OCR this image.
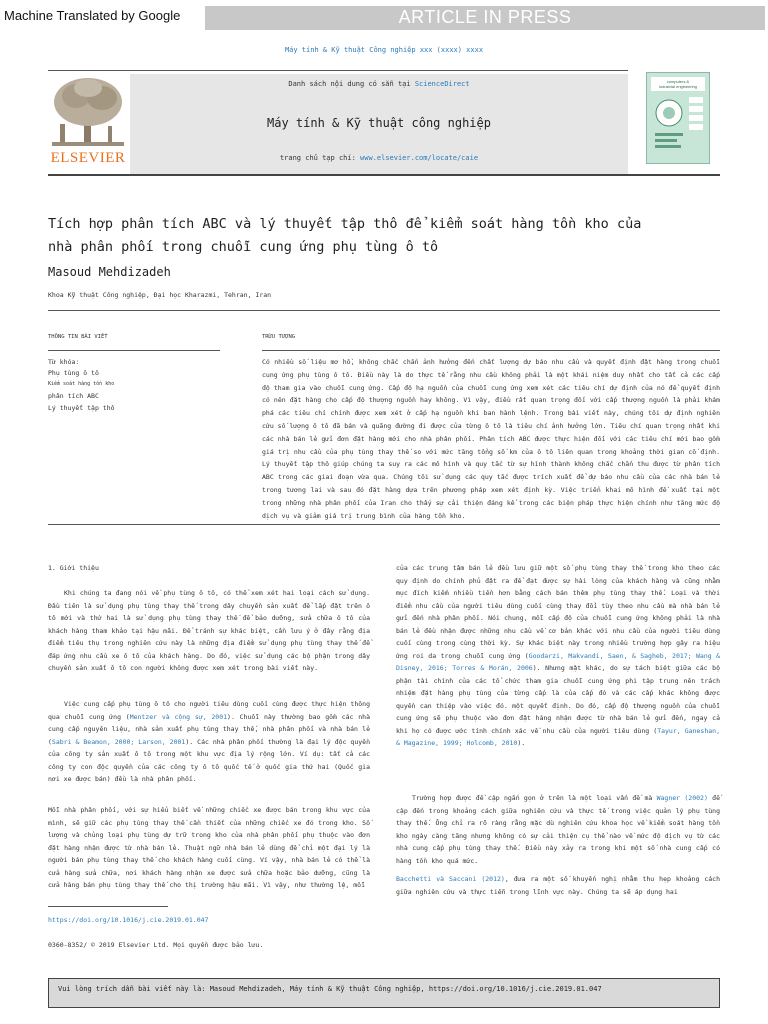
Machine Translated by Google	ARTICLE IN PRESS
Máy tính & Kỹ thuật Công nghiệp xxx (xxxx) xxxx
ELSEVIER
Danh sách nội dung có sẵn tại ScienceDirect
Máy tính & Kỹ thuật công nghiệp
trang chủ tạp chí: www.elsevier.com/locate/caie
computers &
industrial engineering
Tích hợp phân tích ABC và lý thuyết tập thô để kiểm soát hàng tồn kho của
nhà phân phối trong chuỗi cung ứng phụ tùng ô tô
Masoud Mehdizadeh
Khoa Kỹ thuật Công nghiệp, Đại học Kharazmi, Tehran, Iran
THÔNG TIN BÀI VIẾT
Từ khóa:
Phụ tùng ô tô
Kiểm soát hàng tồn kho
phân tích ABC
Lý thuyết tập thô
TRỪU TƯỢNG
Có nhiều số liệu mơ hồ, không chắc chắn ảnh hưởng đến chất lượng dự báo nhu cầu và quyết định đặt hàng trong chuỗi cung ứng phụ tùng ô tô. Điều này là do thực tế rằng nhu cầu không phải là một khái niệm duy nhất cho tất cả các cấp độ tham gia vào chuỗi cung ứng. Cấp độ hạ nguồn của chuỗi cung ứng xem xét các tiêu chí dự định của nó để quyết định có nên đặt hàng cho cấp độ thượng nguồn hay không. Vì vậy, điều rất quan trọng đối với cấp thượng nguồn là phải khám phá các tiêu chí chính được xem xét ở cấp hạ nguồn khi ban hành lệnh. Trong bài viết này, chúng tôi dự định nghiên cứu số lượng ô tô đã bán và quãng đường đi được của từng ô tô là tiêu chí ảnh hưởng lớn. Tiêu chí quan trọng nhất khi các nhà bán lẻ gửi đơn đặt hàng mới cho nhà phân phối. Phân tích ABC được thực hiện đối với các tiêu chí mới bao gồm giá trị nhu cầu của phụ tùng thay thế so với mức tăng tổng số km của ô tô liên quan trong khoảng thời gian cố định. Lý thuyết tập thô giúp chúng ta suy ra các mô hình và quy tắc từ sự hình thành không chắc chắn thu được từ phân tích ABC trong các giai đoạn vừa qua. Chúng tôi sử dụng các quy tắc được trích xuất để dự báo nhu cầu của các nhà bán lẻ trong tương lai và sau đó đặt hàng dựa trên phương pháp xem xét định kỳ. Việc triển khai mô hình đề xuất tại một trong những nhà phân phối của Iran cho thấy sự cải thiện đáng kể trong các biện pháp thực hiện chính như tăng mức độ dịch vụ và giảm giá trị trung bình của hàng tồn kho.
1. Giới thiệu
Khi chúng ta đang nói về phụ tùng ô tô, có thể xem xét hai loại cách sử dụng. Đầu tiên là sử dụng phụ tùng thay thế trong dây chuyền sản xuất để lắp đặt trên ô tô mới và thứ hai là sử dụng phụ tùng thay thế để bảo dưỡng, sửa chữa ô tô của khách hàng tham khảo tại hậu mãi. Để tránh sự khác biệt, cần lưu ý ở đây rằng địa điểm tiêu thụ trong nghiên cứu này là những địa điểm sử dụng phụ tùng thay thế để đáp ứng nhu cầu xe ô tô của khách hàng. Do đó, việc sử dụng các bộ phận trong dây chuyền sản xuất ô tô con người không được xem xét trong bài viết này.
Việc cung cấp phụ tùng ô tô cho người tiêu dùng cuối cùng được thực hiện thông qua chuỗi cung ứng (Mentzer và cộng sự, 2001). Chuỗi này thường bao gồm các nhà cung cấp nguyên liệu, nhà sản xuất phụ tùng thay thế, nhà phân phối và nhà bán lẻ (Sabri & Beamon, 2000; Larson, 2001). Các nhà phân phối thường là đại lý độc quyền của công ty sản xuất ô tô trong một khu vực địa lý rộng lớn. Ví dụ: tất cả các công ty con độc quyền của các công ty ô tô quốc tế ở quốc gia thứ hai (Quốc gia nơi xe được bán) đều là nhà phân phối.
Mỗi nhà phân phối, với sự hiểu biết về những chiếc xe được bán trong khu vực của mình, sẽ giữ các phụ tùng thay thế cần thiết của những chiếc xe đó trong kho. Số lượng và chủng loại phụ tùng dự trữ trong kho của nhà phân phối phụ thuộc vào đơn đặt hàng nhận được từ nhà bán lẻ. Thuật ngữ nhà bán lẻ dùng để chỉ một đại lý là người bán phụ tùng thay thế cho khách hàng cuối cùng. Ví vậy, nhà bán lẻ có thể là cửa hàng sửa chữa, nơi khách hàng nhận xe được sửa chữa hoặc bảo dưỡng, cũng là cửa hàng bán phụ tùng thay thế cho thị trường hậu mãi. Vì vậy, như thường lệ, mỗi
của các trung tâm bán lẻ đều lưu giữ một số phụ tùng thay thế trong kho theo các quy định do chính phủ đặt ra để đạt được sự hài lòng của khách hàng và cũng nhằm mục đích kiếm nhiều tiền hơn bằng cách bán thêm phụ tùng thay thế. Loại và thời điểm nhu cầu của người tiêu dùng cuối cùng thay đổi tùy theo nhu cầu mà nhà bán lẻ gửi đến nhà phân phối. Nói chung, mỗi cấp độ của chuỗi cung ứng không phải là nhà bán lẻ đều nhận được những nhu cầu về cơ bản khác với nhu cầu của người tiêu dùng cuối cùng trong cùng thời kỳ. Sự khác biệt này trong nhiều trường hợp gây ra hiệu ứng roi da trong chuỗi cung ứng (Goodarzi, Makvandi, Saen, & Sagheb, 2017; Wang & Disney, 2016; Torres & Morán, 2006). Nhưng mặt khác, do sự tách biệt giữa các bộ phận tài chính của các tổ chức tham gia chuỗi cung ứng phi tập trung nên trách nhiệm đặt hàng phụ tùng của từng cấp là của cấp đó và các cấp khác không được quyền can thiệp vào việc đó. một quyết định. Do đó, cấp độ thượng nguồn của chuỗi cung ứng sẽ phụ thuộc vào đơn đặt hàng nhận được từ nhà bán lẻ gửi đến, ngay cả khi họ có được ước tính chính xác về nhu cầu của người tiêu dùng (Tayur, Ganeshan, & Magazine, 1999; Holcomb, 2010).
Trường hợp được đề cập ngắn gọn ở trên là một loại vấn đề mà Wagner (2002) đề cập đến trong khoảng cách giữa nghiên cứu và thực tế trong việc quản lý phụ tùng thay thế. Ông chỉ ra rõ ràng rằng mặc dù nghiên cứu khoa học về kiểm soát hàng tồn kho ngày càng tăng nhưng không có sự cải thiện cụ thể nào về mức độ dịch vụ từ các nhà cung cấp phụ tùng thay thế. Điều này xảy ra trong khi một số nhà cung cấp có hàng tồn kho quá mức.
Bacchetti và Saccani (2012), đưa ra một số khuyến nghị nhằm thu hẹp khoảng cách giữa nghiên cứu và thực tiễn trong lĩnh vực này. Chúng ta sẽ áp dụng hai
https://doi.org/10.1016/j.cie.2019.01.047
0360-8352/ © 2019 Elsevier Ltd. Mọi quyền được bảo lưu.
Vui lòng trích dẫn bài viết này là: Masoud Mehdizadeh, Máy tính & Kỹ thuật Công nghiệp, https://doi.org/10.1016/j.cie.2019.01.047
